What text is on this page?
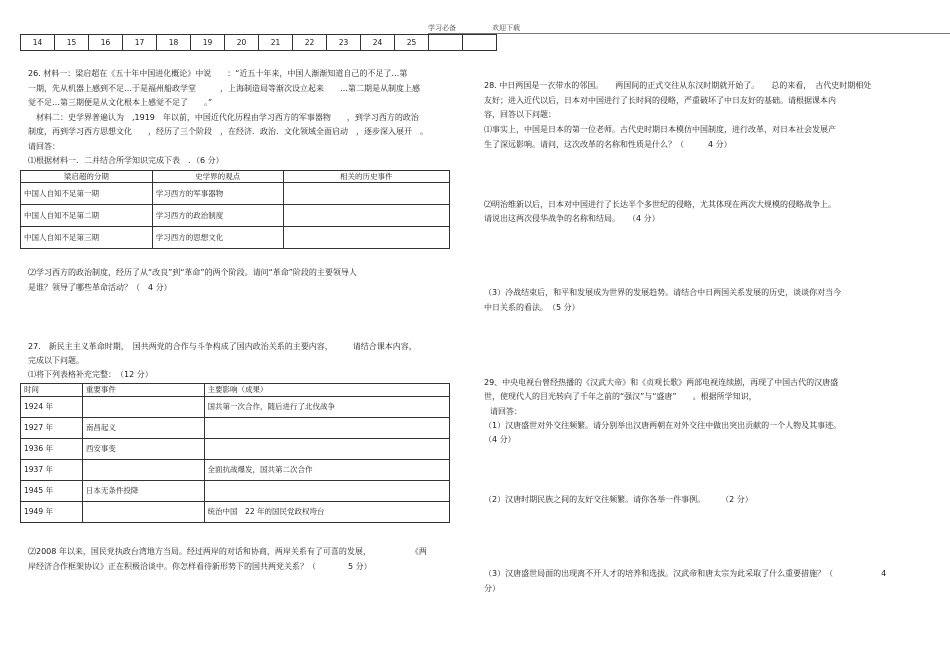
学习必备	欢迎下载
14	15	16	17	18	19	20	21	22	23	24	25		
26. 材料一：梁启超在《五十年中国进化概论》中说　　：“近五十年来，中国人渐渐知道自己的不足了…第
一期，先从机器上感到不足…于是福州船政学堂　　　，上海制造局等渐次设立起来　　…第二期是从制度上感
觉不足…第三期便是从文化根本上感觉不足了　　。”
　材料二：史学界普遍认为　,1919　年以前，中国近代化历程由学习西方的军事器物　　，到学习西方的政治
制度，再到学习西方思想文化　　，经历了三个阶段　，在经济．政治．文化领域全面启动　，逐步深入展开　。
请回答：
⑴根据材料一．二并结合所学知识完成下表　．（6 分）
梁启超的分期	史学界的观点	相关的历史事件
中国人自知不足第一期	学习西方的军事器物	
中国人自知不足第二期	学习西方的政治制度	
中国人自知不足第三期	学习西方的思想文化	
⑵学习西方的政治制度，经历了从“改良”到“革命”的两个阶段。请问“革命”阶段的主要领导人
是谁？领导了哪些革命活动？（　4 分）
27.　新民主主义革命时期，　国共两党的合作与斗争构成了国内政治关系的主要内容，　　　请结合课本内容，
完成以下问题。
⑴将下列表格补充完整：　（12 分）
时间	重要事件	主要影响（成果）
1924 年		国共第一次合作，随后进行了北伐战争
1927 年	南昌起义	
1936 年	西安事变	
1937 年		全面抗战爆发，国共第二次合作
1945 年	日本无条件投降	
1949 年		统治中国　22 年的国民党政权垮台
⑵2008 年以来，国民党执政台湾地方当局。经过两岸的对话和协商，两岸关系有了可喜的发展，　　　　　　《两
岸经济合作框架协议》正在积极洽谈中。你怎样看待新形势下的国共两党关系？（　　　　5 分）
28. 中日两国是一衣带水的邻国。　　两国间的正式交往从东汉时期就开始了。　　总的来看，　古代史时期相处
友好；进入近代以后，日本对中国进行了长时间的侵略，严重破坏了中日友好的基础。请根据课本内
容，回答以下问题：
⑴事实上，中国是日本的第一位老师。古代史时期日本模仿中国制度，进行改革，对日本社会发展产
生了深远影响。请问，这次改革的名称和性质是什么？（　　　4 分）
⑵明治维新以后，日本对中国进行了长达半个多世纪的侵略，尤其体现在两次大规模的侵略战争上。
请说出这两次侵华战争的名称和结局。　　（4 分）
（3）冷战结束后，和平和发展成为世界的发展趋势。请结合中日两国关系发展的历史，谈谈你对当今
中日关系的看法。　（5 分）
29、中央电视台曾经热播的《汉武大帝》和《贞观长歌》两部电视连续剧，再现了中国古代的汉唐盛
世，使现代人的目光转向了千年之前的“强汉”与“盛唐”　　。根据所学知识，
请回答：
（1）汉唐盛世对外交往频繁。请分别举出汉唐两朝在对外交往中做出突出贡献的一个人物及其事迹。
（4 分）
（2）汉唐时期民族之间的友好交往频繁。请你各举一件事例。　　　（2 分）
（3）汉唐盛世局面的出现离不开人才的培养和选拔。汉武帝和唐太宗为此采取了什么重要措施？（　　　　　　4
分）
